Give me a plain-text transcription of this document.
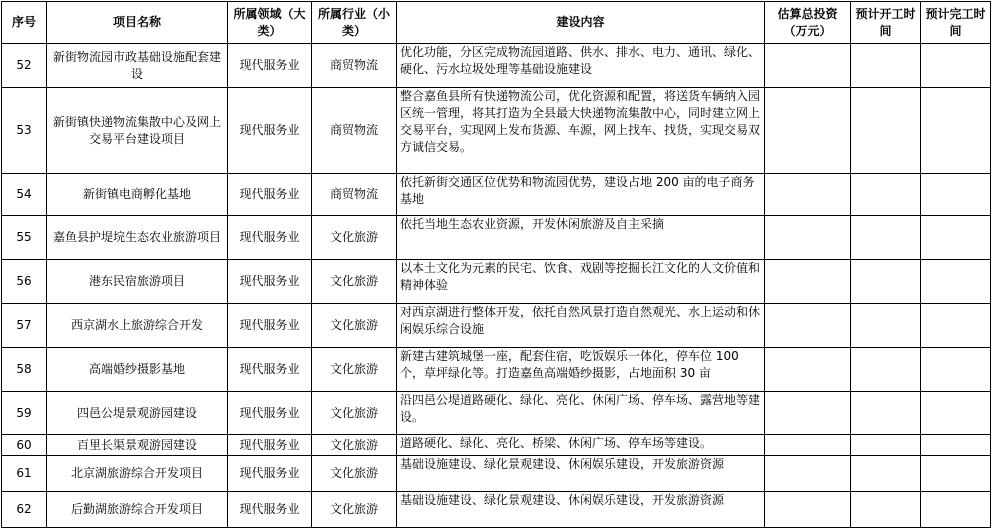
序号	项目名称	所属领域（大类）	所属行业（小类）	建设内容	估算总投资（万元）	预计开工时间	预计完工时间
52	新街物流园市政基础设施配套建设	现代服务业	商贸物流	优化功能，分区完成物流园道路、供水、排水、电力、通讯、绿化、硬化、污水垃圾处理等基础设施建设			
53	新街镇快递物流集散中心及网上交易平台建设项目	现代服务业	商贸物流	整合嘉鱼县所有快递物流公司，优化资源和配置，将送货车辆纳入园区统一管理，将其打造为全县最大快递物流集散中心，同时建立网上交易平台，实现网上发布货源、车源，网上找车、找货，实现交易双方诚信交易。			
54	新街镇电商孵化基地	现代服务业	商贸物流	依托新街交通区位优势和物流园优势，建设占地 200 亩的电子商务基地			
55	嘉鱼县护堤垸生态农业旅游项目	现代服务业	文化旅游	依托当地生态农业资源，开发休闲旅游及自主采摘			
56	港东民宿旅游项目	现代服务业	文化旅游	以本土文化为元素的民宅、饮食、戏剧等挖掘长江文化的人文价值和精神体验			
57	西京湖水上旅游综合开发	现代服务业	文化旅游	对西京湖进行整体开发，依托自然风景打造自然观光、水上运动和休闲娱乐综合设施			
58	高端婚纱摄影基地	现代服务业	文化旅游	新建古建筑城堡一座，配套住宿，吃饭娱乐一体化，停车位 100 个，草坪绿化等。打造嘉鱼高端婚纱摄影，占地面积 30 亩			
59	四邑公堤景观游园建设	现代服务业	文化旅游	沿四邑公堤道路硬化、绿化、亮化、休闲广场、停车场、露营地等建设。			
60	百里长渠景观游园建设	现代服务业	文化旅游	道路硬化、绿化、亮化、桥梁、休闲广场、停车场等建设。			
61	北京湖旅游综合开发项目	现代服务业	文化旅游	基础设施建设、绿化景观建设、休闲娱乐建设，开发旅游资源			
62	后勤湖旅游综合开发项目	现代服务业	文化旅游	基础设施建设、绿化景观建设、休闲娱乐建设，开发旅游资源			
